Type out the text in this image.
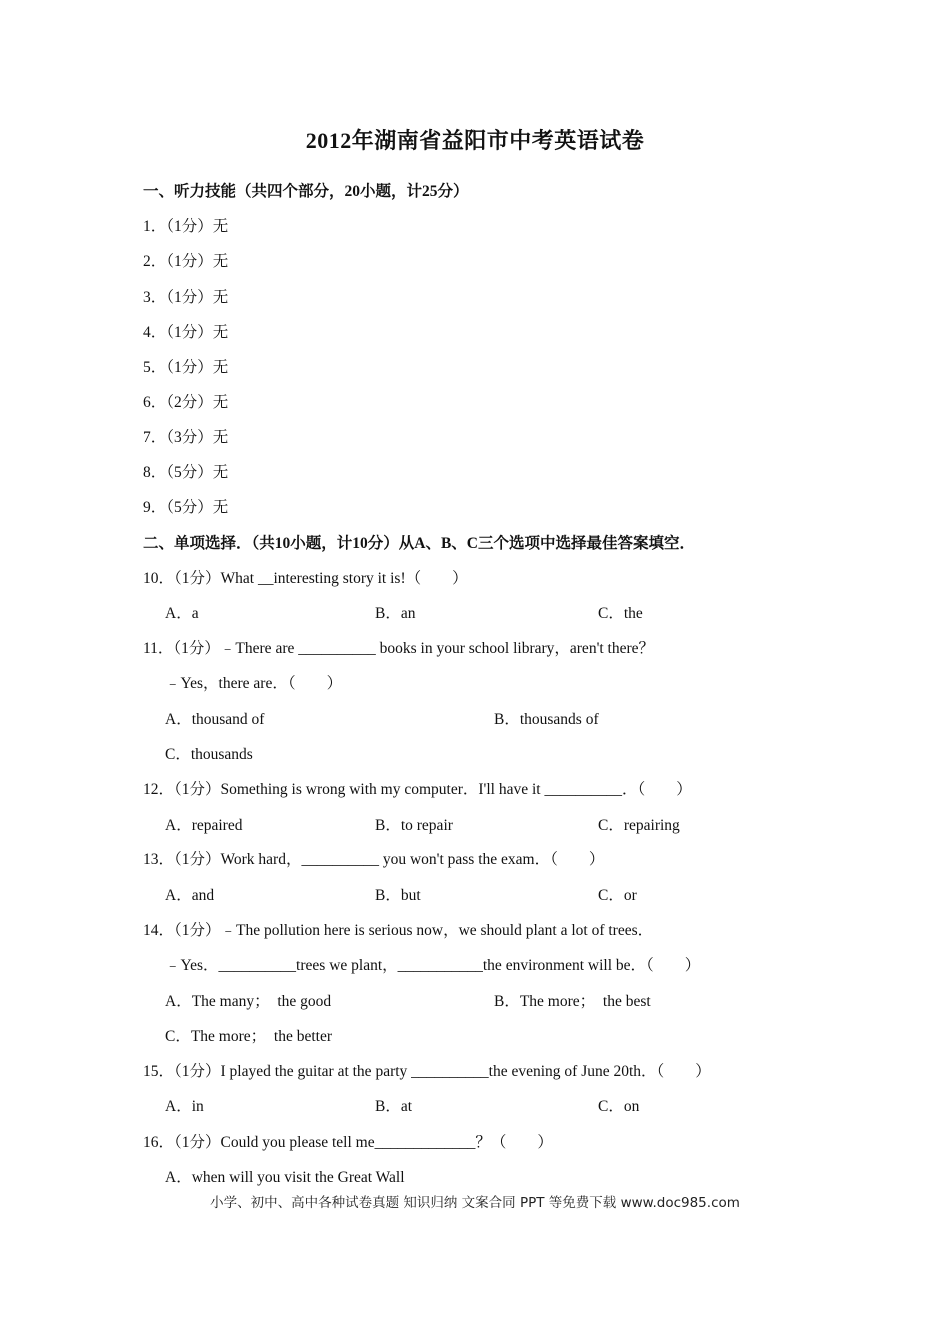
2012年湖南省益阳市中考英语试卷
一、听力技能（共四个部分，20小题，计25分）
1．（1分）无
2．（1分）无
3．（1分）无
4．（1分）无
5．（1分）无
6．（2分）无
7．（3分）无
8．（5分）无
9．（5分）无
二、单项选择．（共10小题，计10分）从A、B、C三个选项中选择最佳答案填空．
10．（1分）What __interesting story it is!（　　）
A．a	B．an	C．the
11．（1分）﹣There are __________ books in your school library，aren't there？
﹣Yes，there are．（　　）
A．thousand of	B．thousands of
C．thousands
12．（1分）Something is wrong with my computer．I'll have it __________．（　　）
A．repaired	B．to repair	C．repairing
13．（1分）Work hard，__________ you won't pass the exam．（　　）
A．and	B．but	C．or
14．（1分）﹣The pollution here is serious now，we should plant a lot of trees．
﹣Yes．__________trees we plant，___________the environment will be．（　　）
A．The many；  the good	B．The more；  the best
C．The more；  the better
15．（1分）I played the guitar at the party __________the evening of June 20th．（　　）
A．in	B．at	C．on
16．（1分）Could you please tell me_____________？（　　）
A．when will you visit the Great Wall
小学、初中、高中各种试卷真题 知识归纳 文案合同 PPT 等免费下载 www.doc985.com
